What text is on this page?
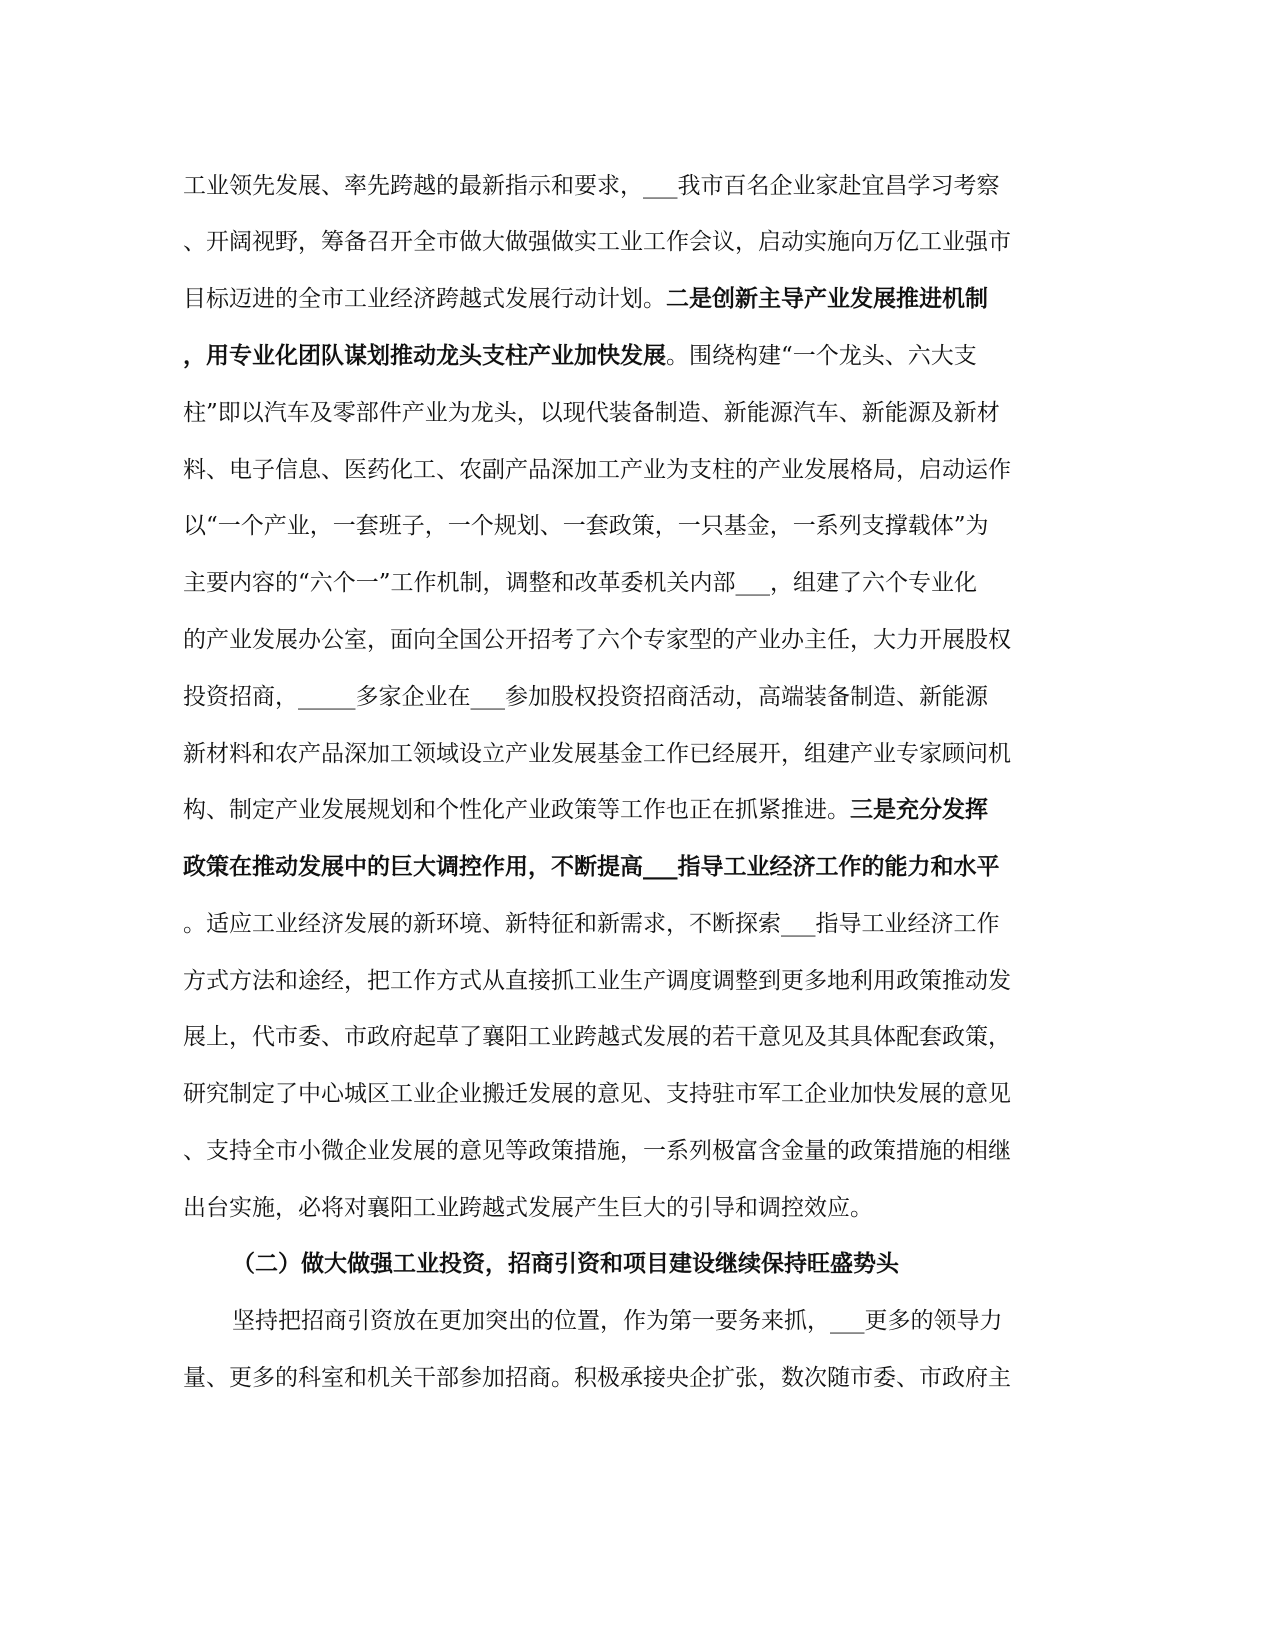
工业领先发展、率先跨越的最新指示和要求，___我市百名企业家赴宜昌学习考察
、开阔视野，筹备召开全市做大做强做实工业工作会议，启动实施向万亿工业强市
目标迈进的全市工业经济跨越式发展行动计划。二是创新主导产业发展推进机制
，用专业化团队谋划推动龙头支柱产业加快发展。围绕构建“一个龙头、六大支
柱”即以汽车及零部件产业为龙头，以现代装备制造、新能源汽车、新能源及新材
料、电子信息、医药化工、农副产品深加工产业为支柱的产业发展格局，启动运作
以“一个产业，一套班子，一个规划、一套政策，一只基金，一系列支撑载体”为
主要内容的“六个一”工作机制，调整和改革委机关内部___，组建了六个专业化
的产业发展办公室，面向全国公开招考了六个专家型的产业办主任，大力开展股权
投资招商，_____多家企业在___参加股权投资招商活动，高端装备制造、新能源
新材料和农产品深加工领域设立产业发展基金工作已经展开，组建产业专家顾问机
构、制定产业发展规划和个性化产业政策等工作也正在抓紧推进。三是充分发挥
政策在推动发展中的巨大调控作用，不断提高___指导工业经济工作的能力和水平
。适应工业经济发展的新环境、新特征和新需求，不断探索___指导工业经济工作
方式方法和途经，把工作方式从直接抓工业生产调度调整到更多地利用政策推动发
展上，代市委、市政府起草了襄阳工业跨越式发展的若干意见及其具体配套政策，
研究制定了中心城区工业企业搬迁发展的意见、支持驻市军工企业加快发展的意见
、支持全市小微企业发展的意见等政策措施，一系列极富含金量的政策措施的相继
出台实施，必将对襄阳工业跨越式发展产生巨大的引导和调控效应。
（二）做大做强工业投资，招商引资和项目建设继续保持旺盛势头
坚持把招商引资放在更加突出的位置，作为第一要务来抓，___更多的领导力
量、更多的科室和机关干部参加招商。积极承接央企扩张，数次随市委、市政府主
